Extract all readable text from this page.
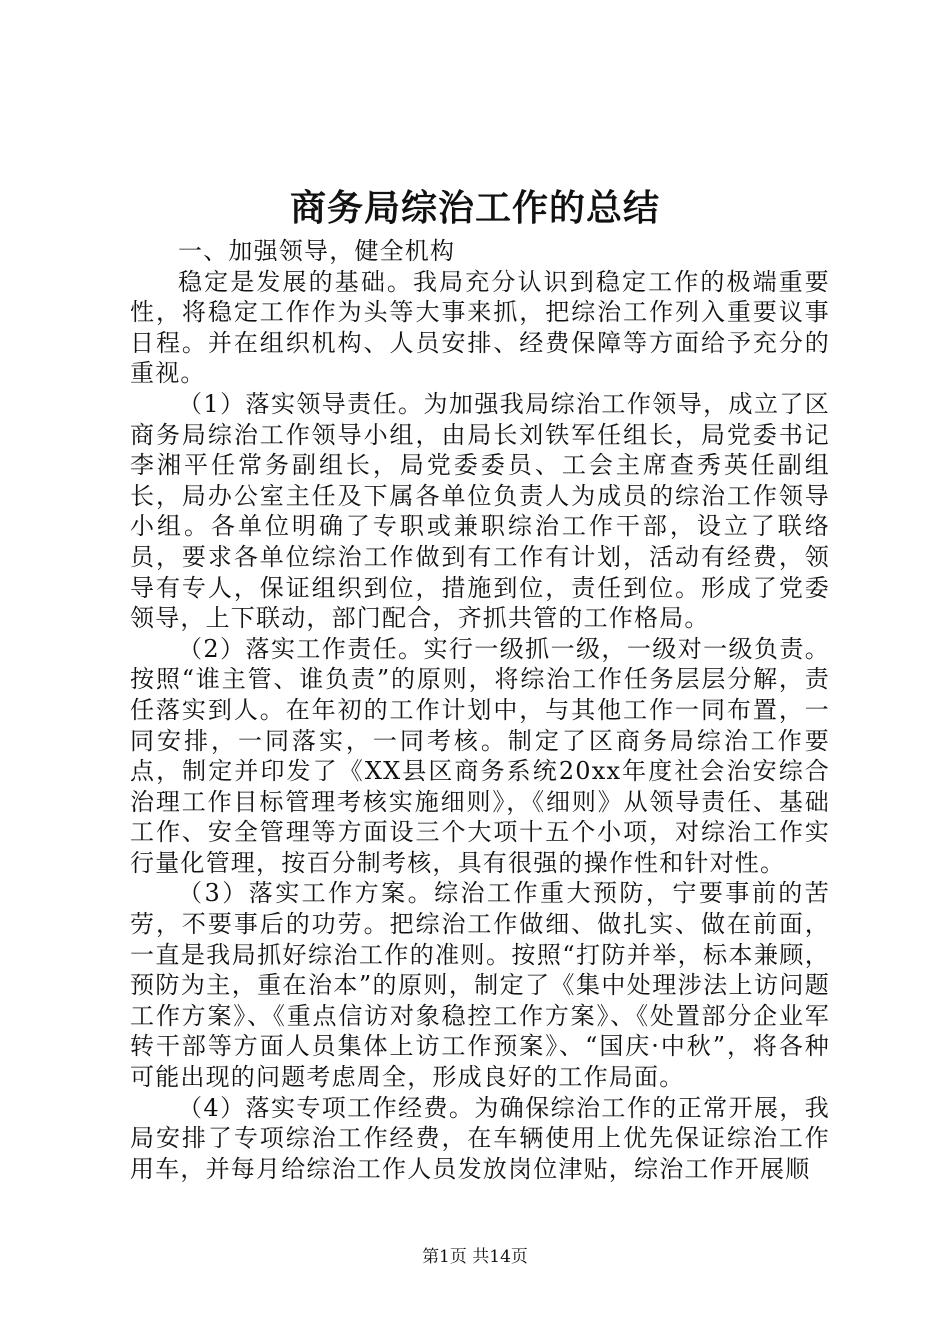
商务局综治工作的总结

一、加强领导，健全机构

稳定是发展的基础。我局充分认识到稳定工作的极端重要性，将稳定工作作为头等大事来抓，把综治工作列入重要议事日程。并在组织机构、人员安排、经费保障等方面给予充分的重视。

（1）落实领导责任。为加强我局综治工作领导，成立了区商务局综治工作领导小组，由局长刘铁军任组长，局党委书记李湘平任常务副组长，局党委委员、工会主席查秀英任副组长，局办公室主任及下属各单位负责人为成员的综治工作领导小组。各单位明确了专职或兼职综治工作干部，设立了联络员，要求各单位综治工作做到有工作有计划，活动有经费，领导有专人，保证组织到位，措施到位，责任到位。形成了党委领导，上下联动，部门配合，齐抓共管的工作格局。

（2）落实工作责任。实行一级抓一级，一级对一级负责。按照“谁主管、谁负责”的原则，将综治工作任务层层分解，责任落实到人。在年初的工作计划中，与其他工作一同布置，一同安排，一同落实，一同考核。制定了区商务局综治工作要点，制定并印发了《XX县区商务系统20xx年度社会治安综合治理工作目标管理考核实施细则》，《细则》从领导责任、基础工作、安全管理等方面设三个大项十五个小项，对综治工作实行量化管理，按百分制考核，具有很强的操作性和针对性。

（3）落实工作方案。综治工作重大预防，宁要事前的苦劳，不要事后的功劳。把综治工作做细、做扎实、做在前面，一直是我局抓好综治工作的准则。按照“打防并举，标本兼顾，预防为主，重在治本”的原则，制定了《集中处理涉法上访问题工作方案》、《重点信访对象稳控工作方案》、《处置部分企业军转干部等方面人员集体上访工作预案》、“国庆·中秋”，将各种可能出现的问题考虑周全，形成良好的工作局面。

（4）落实专项工作经费。为确保综治工作的正常开展，我局安排了专项综治工作经费，在车辆使用上优先保证综治工作用车，并每月给综治工作人员发放岗位津贴，综治工作开展顺

第1页 共14页
